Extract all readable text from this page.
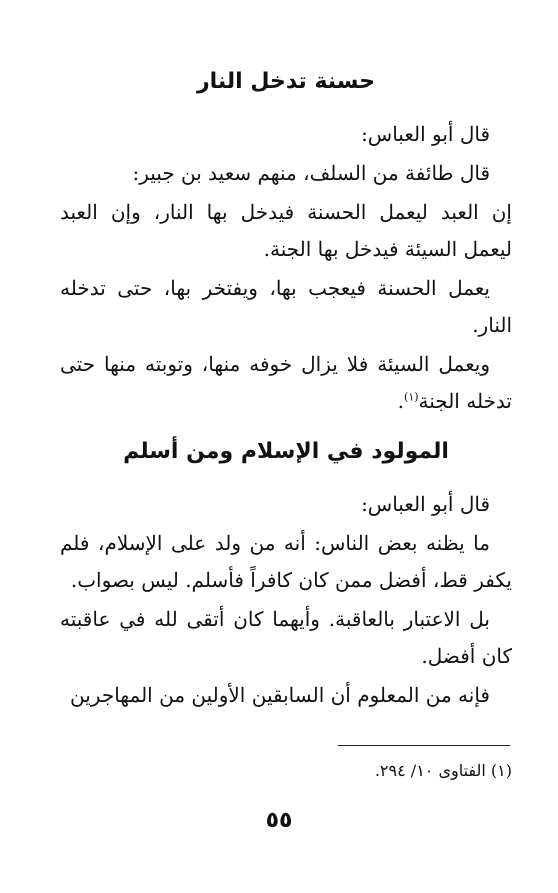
حسنة تدخل النار

قال أبو العباس:

قال طائفة من السلف، منهم سعيد بن جبير:

إن العبد ليعمل الحسنة فيدخل بها النار، وإن العبد ليعمل السيئة فيدخل بها الجنة.

يعمل الحسنة فيعجب بها، ويفتخر بها، حتى تدخله النار.

ويعمل السيئة فلا يزال خوفه منها، وتوبته منها حتى تدخله الجنة$^{(١)}$.

المولود في الإسلام ومن أسلم

قال أبو العباس:

ما يظنه بعض الناس: أنه من ولد على الإسلام، فلم يكفر قط، أفضل ممن كان كافراً فأسلم. ليس بصواب.

بل الاعتبار بالعاقبة. وأيهما كان أتقى لله في عاقبته كان أفضل.

فإنه من المعلوم أن السابقين الأولين من المهاجرين

(١) الفتاوى ١٠/ ٢٩٤.
٥٥
